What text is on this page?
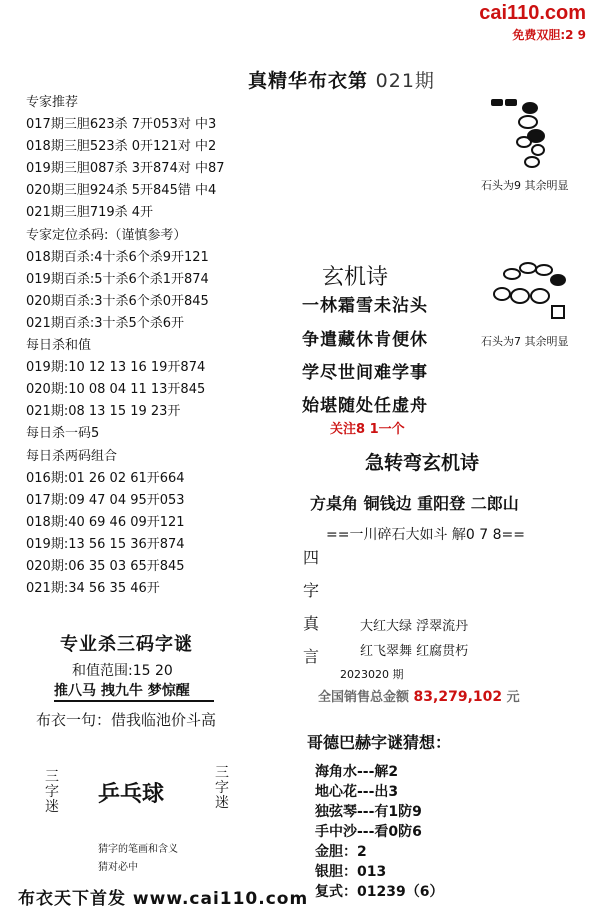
cai110.com
免费双胆:2 9
真精华布衣第 021期
专家推荐
017期三胆623杀 7开053对 中3
018期三胆523杀 0开121对 中2
019期三胆087杀 3开874对 中87
020期三胆924杀 5开845错 中4
021期三胆719杀 4开
专家定位杀码:（谨慎参考）
018期百杀:4十杀6个杀9开121
019期百杀:5十杀6个杀1开874
020期百杀:3十杀6个杀0开845
021期百杀:3十杀5个杀6开
每日杀和值
019期:10 12 13 16 19开874
020期:10 08 04 11 13开845
021期:08 13 15 19 23开
每日杀一码5
每日杀两码组合
016期:01 26 02 61开664
017期:09 47 04 95开053
018期:40 69 46 09开121
019期:13 56 15 36开874
020期:06 35 03 65开845
021期:34 56 35 46开
专业杀三码字谜
和值范围:15 20
推八马 拽九牛 梦惊醒
布衣一句：借我临池价斗高
三字迷 乒乓球
三字迷
猜字的笔画和含义
猜对必中
布衣天下首发 www.cai110.com
石头为9 其余明显
石头为7 其余明显
玄机诗
一林霜雪未沾头
争遣藏休肯便休
学尽世间难学事
始堪随处任虚舟
关注8 1一个
急转弯玄机诗
方桌角 铜钱边 重阳登 二郎山
==一川碎石大如斗 解0 7 8==
四
字
真
言
大红大绿 浮翠流丹
红飞翠舞 红腐贯朽
2023020 期
全国销售总金额 83,279,102 元
哥德巴赫字谜猜想：
海角水---解2
地心花---出3
独弦琴---有1防9
手中沙---看0防6
金胆：2
银胆：013
复式：01239（6）
